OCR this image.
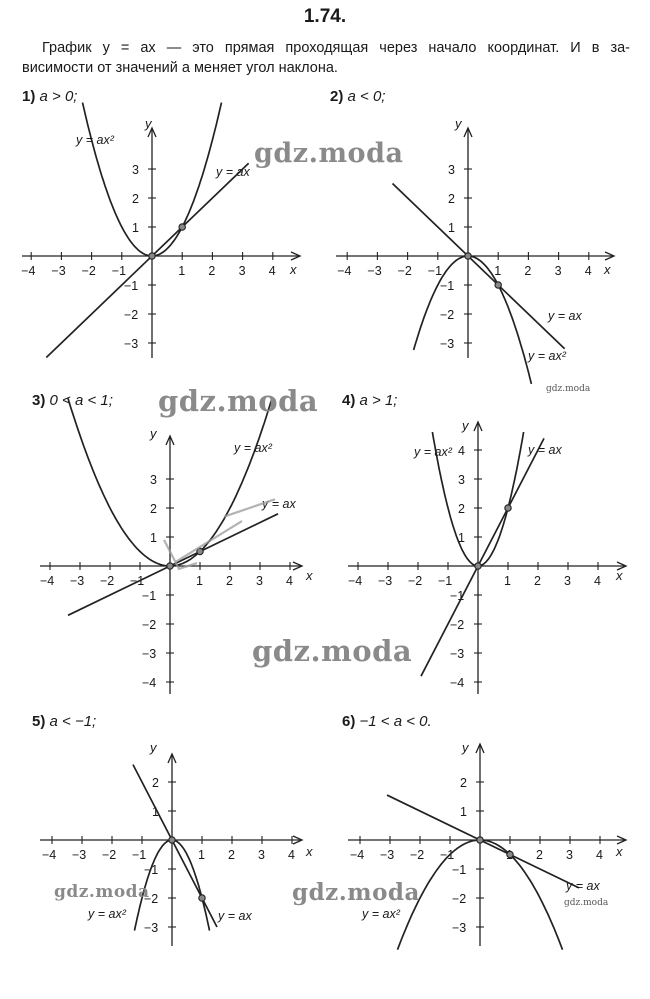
1.74.
График y = ax — это прямая проходящая через начало координат. И в за-
висимости от значений a меняет угол наклона.
1) a > 0;	2) a < 0;
3) 0 < a < 1;	4) a > 1;
5) a < −1;	6) −1 < a < 0.
x
y
−4 −3 −2 −1	1 2 3 4
−3
−2
−1
1
2
3	y = ax
y = ax²
x
y
−4 −3 −2 −1	1 2 3 4
−3
−2
−1
1
2
3
y = ax
y = ax²
x
y
−4 −3 −2 −1	1 2 3 4
−4
−3
−2
−1
1
2
3
y = ax
y = ax²
x
y
−4 −3 −2 −1	1 2 3 4
−4
−3
−2
−1
1
2
3
4	y = ax
y = ax²
x
y
−4 −3 −2 −1	1 2 3 4
−3
−2
−1
1
2
y = ax
y = ax²
x
y
−4 −3 −2 −1	2 3 4
−3
−2
−1
1
2
y = ax
y = ax²
gdz.moda
gdz.moda
gdz.moda
gdz.moda	gdz.moda
gdz.moda
gdz.moda
